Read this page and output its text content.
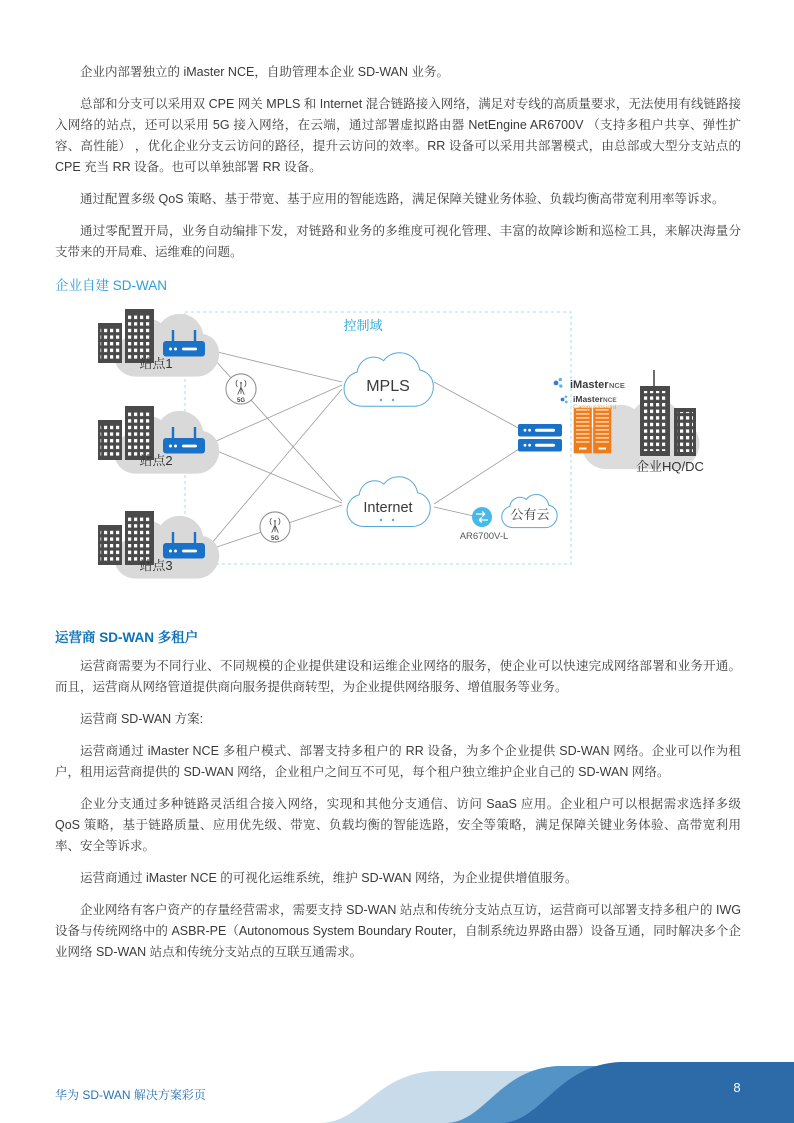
企业内部署独立的 iMaster NCE，自助管理本企业 SD-WAN 业务。

总部和分支可以采用双 CPE 网关 MPLS 和 Internet 混合链路接入网络，满足对专线的高质量要求，无法使用有线链路接入网络的站点，还可以采用 5G 接入网络，在云端，通过部署虚拟路由器 NetEngine AR6700V （支持多租户共享、弹性扩容、高性能） ，优化企业分支云访问的路径，提升云访问的效率。RR 设备可以采用共部署模式，由总部或大型分支站点的 CPE 充当 RR 设备。也可以单独部署 RR 设备。

通过配置多级 QoS 策略、基于带宽、基于应用的智能选路，满足保障关键业务体验、负载均衡高带宽利用率等诉求。

通过零配置开局，业务自动编排下发，对链路和业务的多维度可视化管理、丰富的故障诊断和巡检工具，来解决海量分支带来的开局难、运维难的问题。

企业自建 SD-WAN
控制域
站点1
站点2
站点3
5G
5G
MPLS
Internet	公有云
AR6700V-L
iMaster NCE
iMaster NCE
CampusInsight
企业HQ/DC
运营商 SD-WAN 多租户

运营商需要为不同行业、不同规模的企业提供建设和运维企业网络的服务，使企业可以快速完成网络部署和业务开通。而且，运营商从网络管道提供商向服务提供商转型，为企业提供网络服务、增值服务等业务。

运营商 SD-WAN 方案:

运营商通过 iMaster NCE 多租户模式、部署支持多租户的 RR 设备，为多个企业提供 SD-WAN 网络。企业可以作为租户，租用运营商提供的 SD-WAN 网络，企业租户之间互不可见，每个租户独立维护企业自己的 SD-WAN 网络。

企业分支通过多种链路灵活组合接入网络，实现和其他分支通信、访问 SaaS 应用。企业租户可以根据需求选择多级 QoS 策略，基于链路质量、应用优先级、带宽、负载均衡的智能选路，安全等策略，满足保障关键业务体验、高带宽利用率、安全等诉求。

运营商通过 iMaster NCE 的可视化运维系统，维护 SD-WAN 网络，为企业提供增值服务。

企业网络有客户资产的存量经营需求，需要支持 SD-WAN 站点和传统分支站点互访，运营商可以部署支持多租户的 IWG 设备与传统网络中的 ASBR-PE（Autonomous System Boundary Router，自制系统边界路由器）设备互通，同时解决多个企业网络 SD-WAN 站点和传统分支站点的互联互通需求。

华为 SD-WAN 解决方案彩页	8
